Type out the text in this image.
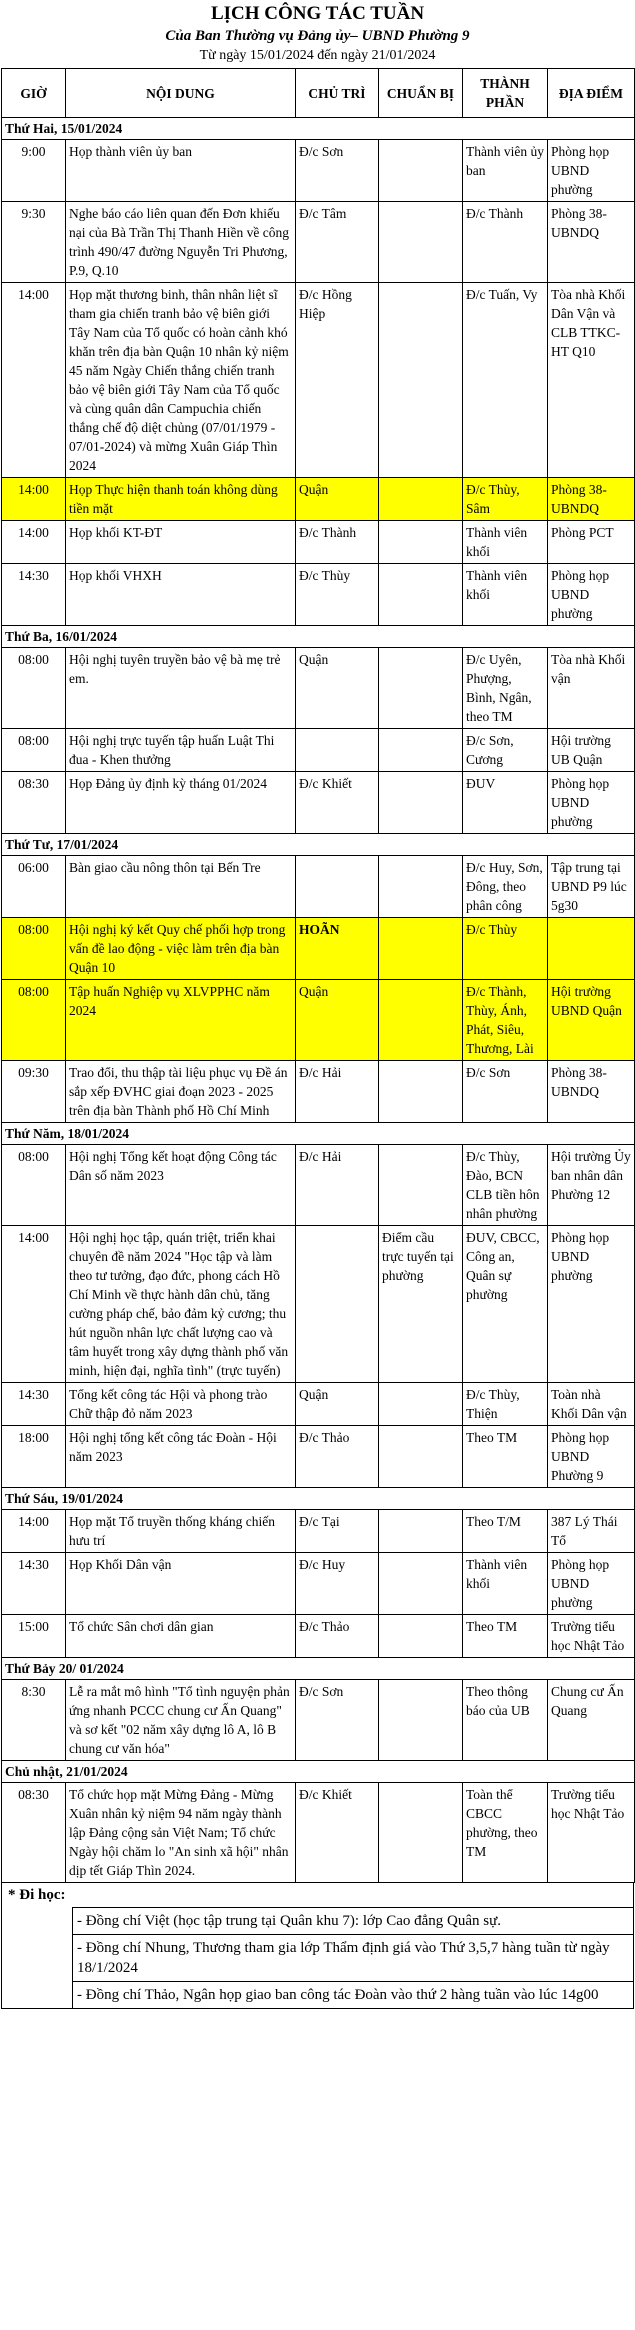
LỊCH CÔNG TÁC TUẦN
Của Ban Thường vụ Đảng ủy– UBND Phường 9
Từ ngày 15/01/2024 đến ngày 21/01/2024
GIỜ	NỘI DUNG	CHỦ TRÌ	CHUẨN BỊ	THÀNH PHẦN	ĐỊA ĐIỂM
Thứ Hai, 15/01/2024					
9:00	Họp thành viên ủy ban	Đ/c Sơn		Thành viên ủy ban	Phòng họp UBND phường
9:30	Nghe báo cáo liên quan đến Đơn khiếu nại của Bà Trần Thị Thanh Hiền về công trình 490/47 đường Nguyễn Tri Phương, P.9, Q.10	Đ/c Tâm		Đ/c Thành	Phòng 38-UBNDQ
14:00	Họp mặt thương binh, thân nhân liệt sĩ tham gia chiến tranh bảo vệ biên giới Tây Nam của Tổ quốc có hoàn cảnh khó khăn trên địa bàn Quận 10 nhân kỷ niệm 45 năm Ngày Chiến thắng chiến tranh bảo vệ biên giới Tây Nam của Tổ quốc và cùng quân dân Campuchia chiến thắng chế độ diệt chủng (07/01/1979 - 07/01-2024) và mừng Xuân Giáp Thìn 2024	Đ/c Hồng Hiệp		Đ/c Tuấn, Vy	Tòa nhà Khối Dân Vận và CLB TTKC-HT Q10
14:00	Họp Thực hiện thanh toán không dùng tiền mặt	Quận		Đ/c Thùy, Sâm	Phòng 38-UBNDQ
14:00	Họp khối KT-ĐT	Đ/c Thành		Thành viên khối	Phòng PCT
14:30	Họp khối VHXH	Đ/c Thùy		Thành viên khối	Phòng họp UBND phường
Thứ Ba, 16/01/2024					
08:00	Hội nghị tuyên truyền bảo vệ bà mẹ trẻ em.	Quận		Đ/c Uyên, Phượng, Bình, Ngân, theo TM	Tòa nhà Khối vận
08:00	Hội nghị trực tuyến tập huấn Luật Thi đua - Khen thưởng			Đ/c Sơn, Cương	Hội trường UB Quận
08:30	Họp Đảng ủy định kỳ tháng 01/2024	Đ/c Khiết		ĐUV	Phòng họp UBND phường
Thứ Tư, 17/01/2024					
06:00	Bàn giao cầu nông thôn tại Bến Tre			Đ/c Huy, Sơn, Đông, theo phân công	Tập trung tại UBND P9 lúc 5g30
08:00	Hội nghị ký kết Quy chế phối hợp trong vấn đề lao động - việc làm trên địa bàn Quận 10	HOÃN		Đ/c Thùy	
08:00	Tập huấn Nghiệp vụ XLVPPHC năm 2024	Quận		Đ/c Thành, Thùy, Ánh, Phát, Siêu, Thương, Lài	Hội trường UBND Quận
09:30	Trao đổi, thu thập tài liệu phục vụ Đề án sắp xếp ĐVHC giai đoạn 2023 - 2025 trên địa bàn Thành phố Hồ Chí Minh	Đ/c Hải		Đ/c Sơn	Phòng 38-UBNDQ
Thứ Năm, 18/01/2024					
08:00	Hội nghị Tổng kết hoạt động Công tác Dân số năm 2023	Đ/c Hải		Đ/c Thùy, Đào, BCN CLB tiền hôn nhân phường	Hội trường Ủy ban nhân dân Phường 12
14:00	Hội nghị học tập, quán triệt, triển khai chuyên đề năm 2024 "Học tập và làm theo tư tưởng, đạo đức, phong cách Hồ Chí Minh về thực hành dân chủ, tăng cường pháp chế, bảo đảm kỷ cương; thu hút nguồn nhân lực chất lượng cao và tâm huyết trong xây dựng thành phố văn minh, hiện đại, nghĩa tình" (trực tuyến)		Điểm cầu trực tuyến tại phường	ĐUV, CBCC, Công an, Quân sự phường	Phòng họp UBND phường
14:30	Tổng kết công tác Hội và phong trào Chữ thập đỏ năm 2023	Quận		Đ/c Thùy, Thiện	Toàn nhà Khối Dân vận
18:00	Hội nghị tổng kết công tác Đoàn - Hội năm 2023	Đ/c Thảo		Theo TM	Phòng họp UBND Phường 9
Thứ Sáu, 19/01/2024					
14:00	Họp mặt Tổ truyền thống kháng chiến hưu trí	Đ/c Tại		Theo T/M	387 Lý Thái Tổ
14:30	Họp Khối Dân vận	Đ/c Huy		Thành viên khối	Phòng họp UBND phường
15:00	Tổ chức Sân chơi dân gian	Đ/c Thảo		Theo TM	Trường tiểu học Nhật Tảo
Thứ Bảy 20/ 01/2024					
8:30	Lễ ra mắt mô hình "Tổ tình nguyện phản ứng nhanh PCCC chung cư Ấn Quang" và sơ kết "02 năm xây dựng lô A, lô B chung cư văn hóa"	Đ/c Sơn		Theo thông báo của UB	Chung cư Ấn Quang
Chủ nhật, 21/01/2024					
08:30	Tổ chức họp mặt Mừng Đảng - Mừng Xuân nhân kỷ niệm 94 năm ngày thành lập Đảng cộng sản Việt Nam; Tổ chức Ngày hội chăm lo "An sinh xã hội" nhân dịp tết Giáp Thìn 2024.	Đ/c Khiết		Toàn thể CBCC phường, theo TM	Trường tiểu học Nhật Tảo
* Đi học:
- Đồng chí Việt (học tập trung tại Quân khu 7): lớp Cao đẳng Quân sự.
- Đồng chí Nhung, Thương tham gia lớp Thẩm định giá vào Thứ 3,5,7 hàng tuần từ ngày 18/1/2024
- Đồng chí Thảo, Ngân họp giao ban công tác Đoàn vào thứ 2 hàng tuần vào lúc 14g00
